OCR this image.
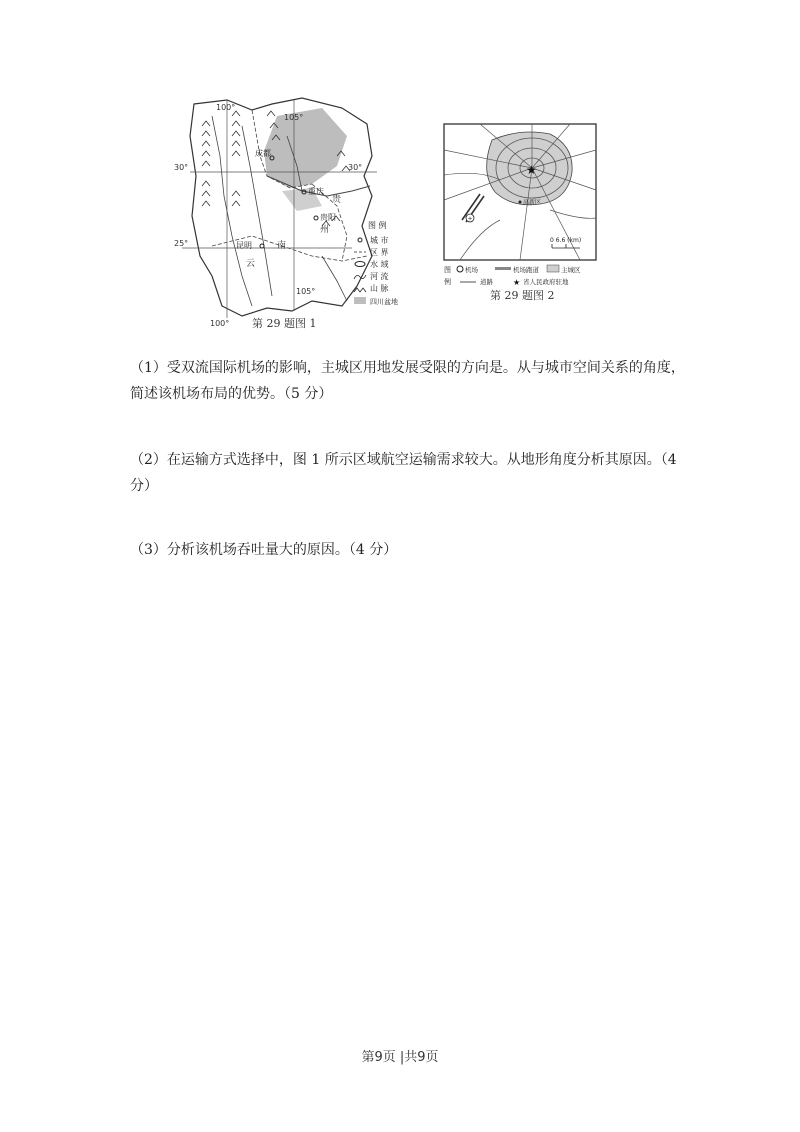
100°
105°
105°
100°
30°	30°
25°
成都
重庆
贵阳
昆明
贵
州
云
南
图 例
城 市
区 界
水 域
河 流
山 脉
四川盆地
第 29 题图 1
★
高新区
+
0 6.6 (km)
图
例
机场	机场跑道	主城区
道路	★ 省人民政府驻地
第 29 题图 2
（1）受双流国际机场的影响，主城区用地发展受限的方向是。从与城市空间关系的角度，
简述该机场布局的优势。（5 分）
（2）在运输方式选择中，图 1 所示区域航空运输需求较大。从地形角度分析其原因。（4
分）
（3）分析该机场吞吐量大的原因。（4 分）
第9页 |共9页
